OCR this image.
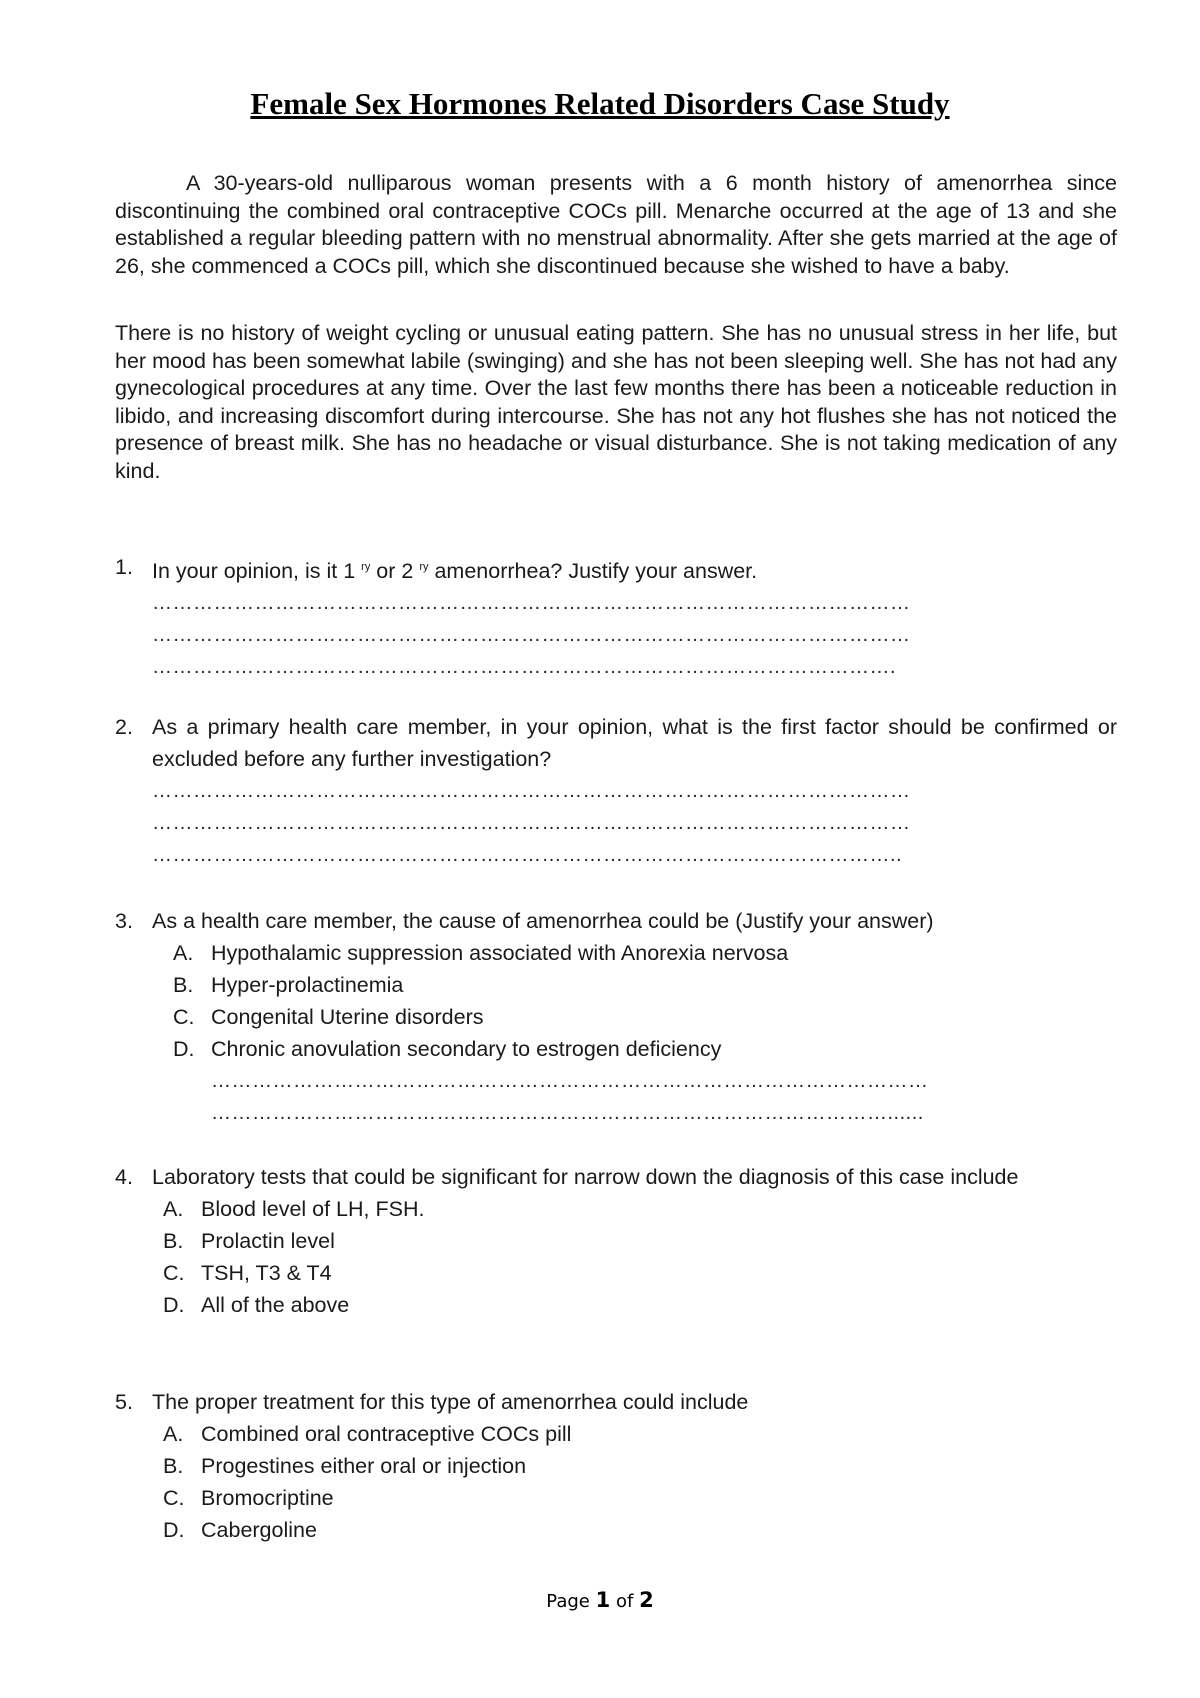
Female Sex Hormones Related Disorders Case Study

A 30-years-old nulliparous woman presents with a 6 month history of amenorrhea since discontinuing the combined oral contraceptive COCs pill. Menarche occurred at the age of 13 and she established a regular bleeding pattern with no menstrual abnormality. After she gets married at the age of 26, she commenced a COCs pill, which she discontinued because she wished to have a baby.

There is no history of weight cycling or unusual eating pattern. She has no unusual stress in her life, but her mood has been somewhat labile (swinging) and she has not been sleeping well. She has not had any gynecological procedures at any time. Over the last few months there has been a noticeable reduction in libido, and increasing discomfort during intercourse. She has not any hot flushes she has not noticed the presence of breast milk. She has no headache or visual disturbance. She is not taking medication of any kind.

1. In your opinion, is it 1 $^{ry}$ or 2 $^{ry}$ amenorrhea? Justify your answer.
…………………………………………………………………………………………………
…………………………………………………………………………………………………
……………………………………………………………………………………………….
2. As a primary health care member, in your opinion, what is the first factor should be confirmed or excluded before any further investigation?
…………………………………………………………………………………………………
…………………………………………………………………………………………………
………………………………………………………………………………………………..
3. As a health care member, the cause of amenorrhea could be (Justify your answer)
A. Hypothalamic suppression associated with Anorexia nervosa
B. Hyper-prolactinemia
C. Congenital Uterine disorders
D. Chronic anovulation secondary to estrogen deficiency
……………………………………………………………………………………………
………………………………………………………………………………………......
4. Laboratory tests that could be significant for narrow down the diagnosis of this case include
A. Blood level of LH, FSH.
B. Prolactin level
C. TSH, T3 & T4
D. All of the above
5. The proper treatment for this type of amenorrhea could include
A. Combined oral contraceptive COCs pill
B. Progestines either oral or injection
C. Bromocriptine
D. Cabergoline
Page 1 of 2
